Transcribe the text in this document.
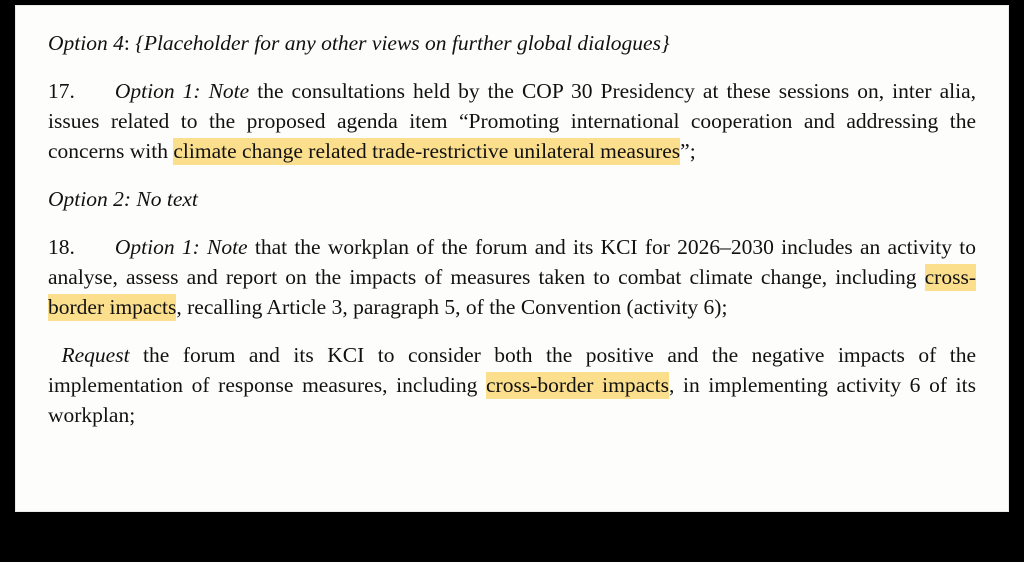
Option 4: {Placeholder for any other views on further global dialogues}

17. Option 1: Note the consultations held by the COP 30 Presidency at these sessions on, inter alia, issues related to the proposed agenda item “Promoting international cooperation and addressing the concerns with climate change related trade-restrictive unilateral measures”;

Option 2: No text

18. Option 1: Note that the workplan of the forum and its KCI for 2026–2030 includes an activity to analyse, assess and report on the impacts of measures taken to combat climate change, including cross-border impacts, recalling Article 3, paragraph 5, of the Convention (activity 6);

Request the forum and its KCI to consider both the positive and the negative impacts of the implementation of response measures, including cross-border impacts, in implementing activity 6 of its workplan;
